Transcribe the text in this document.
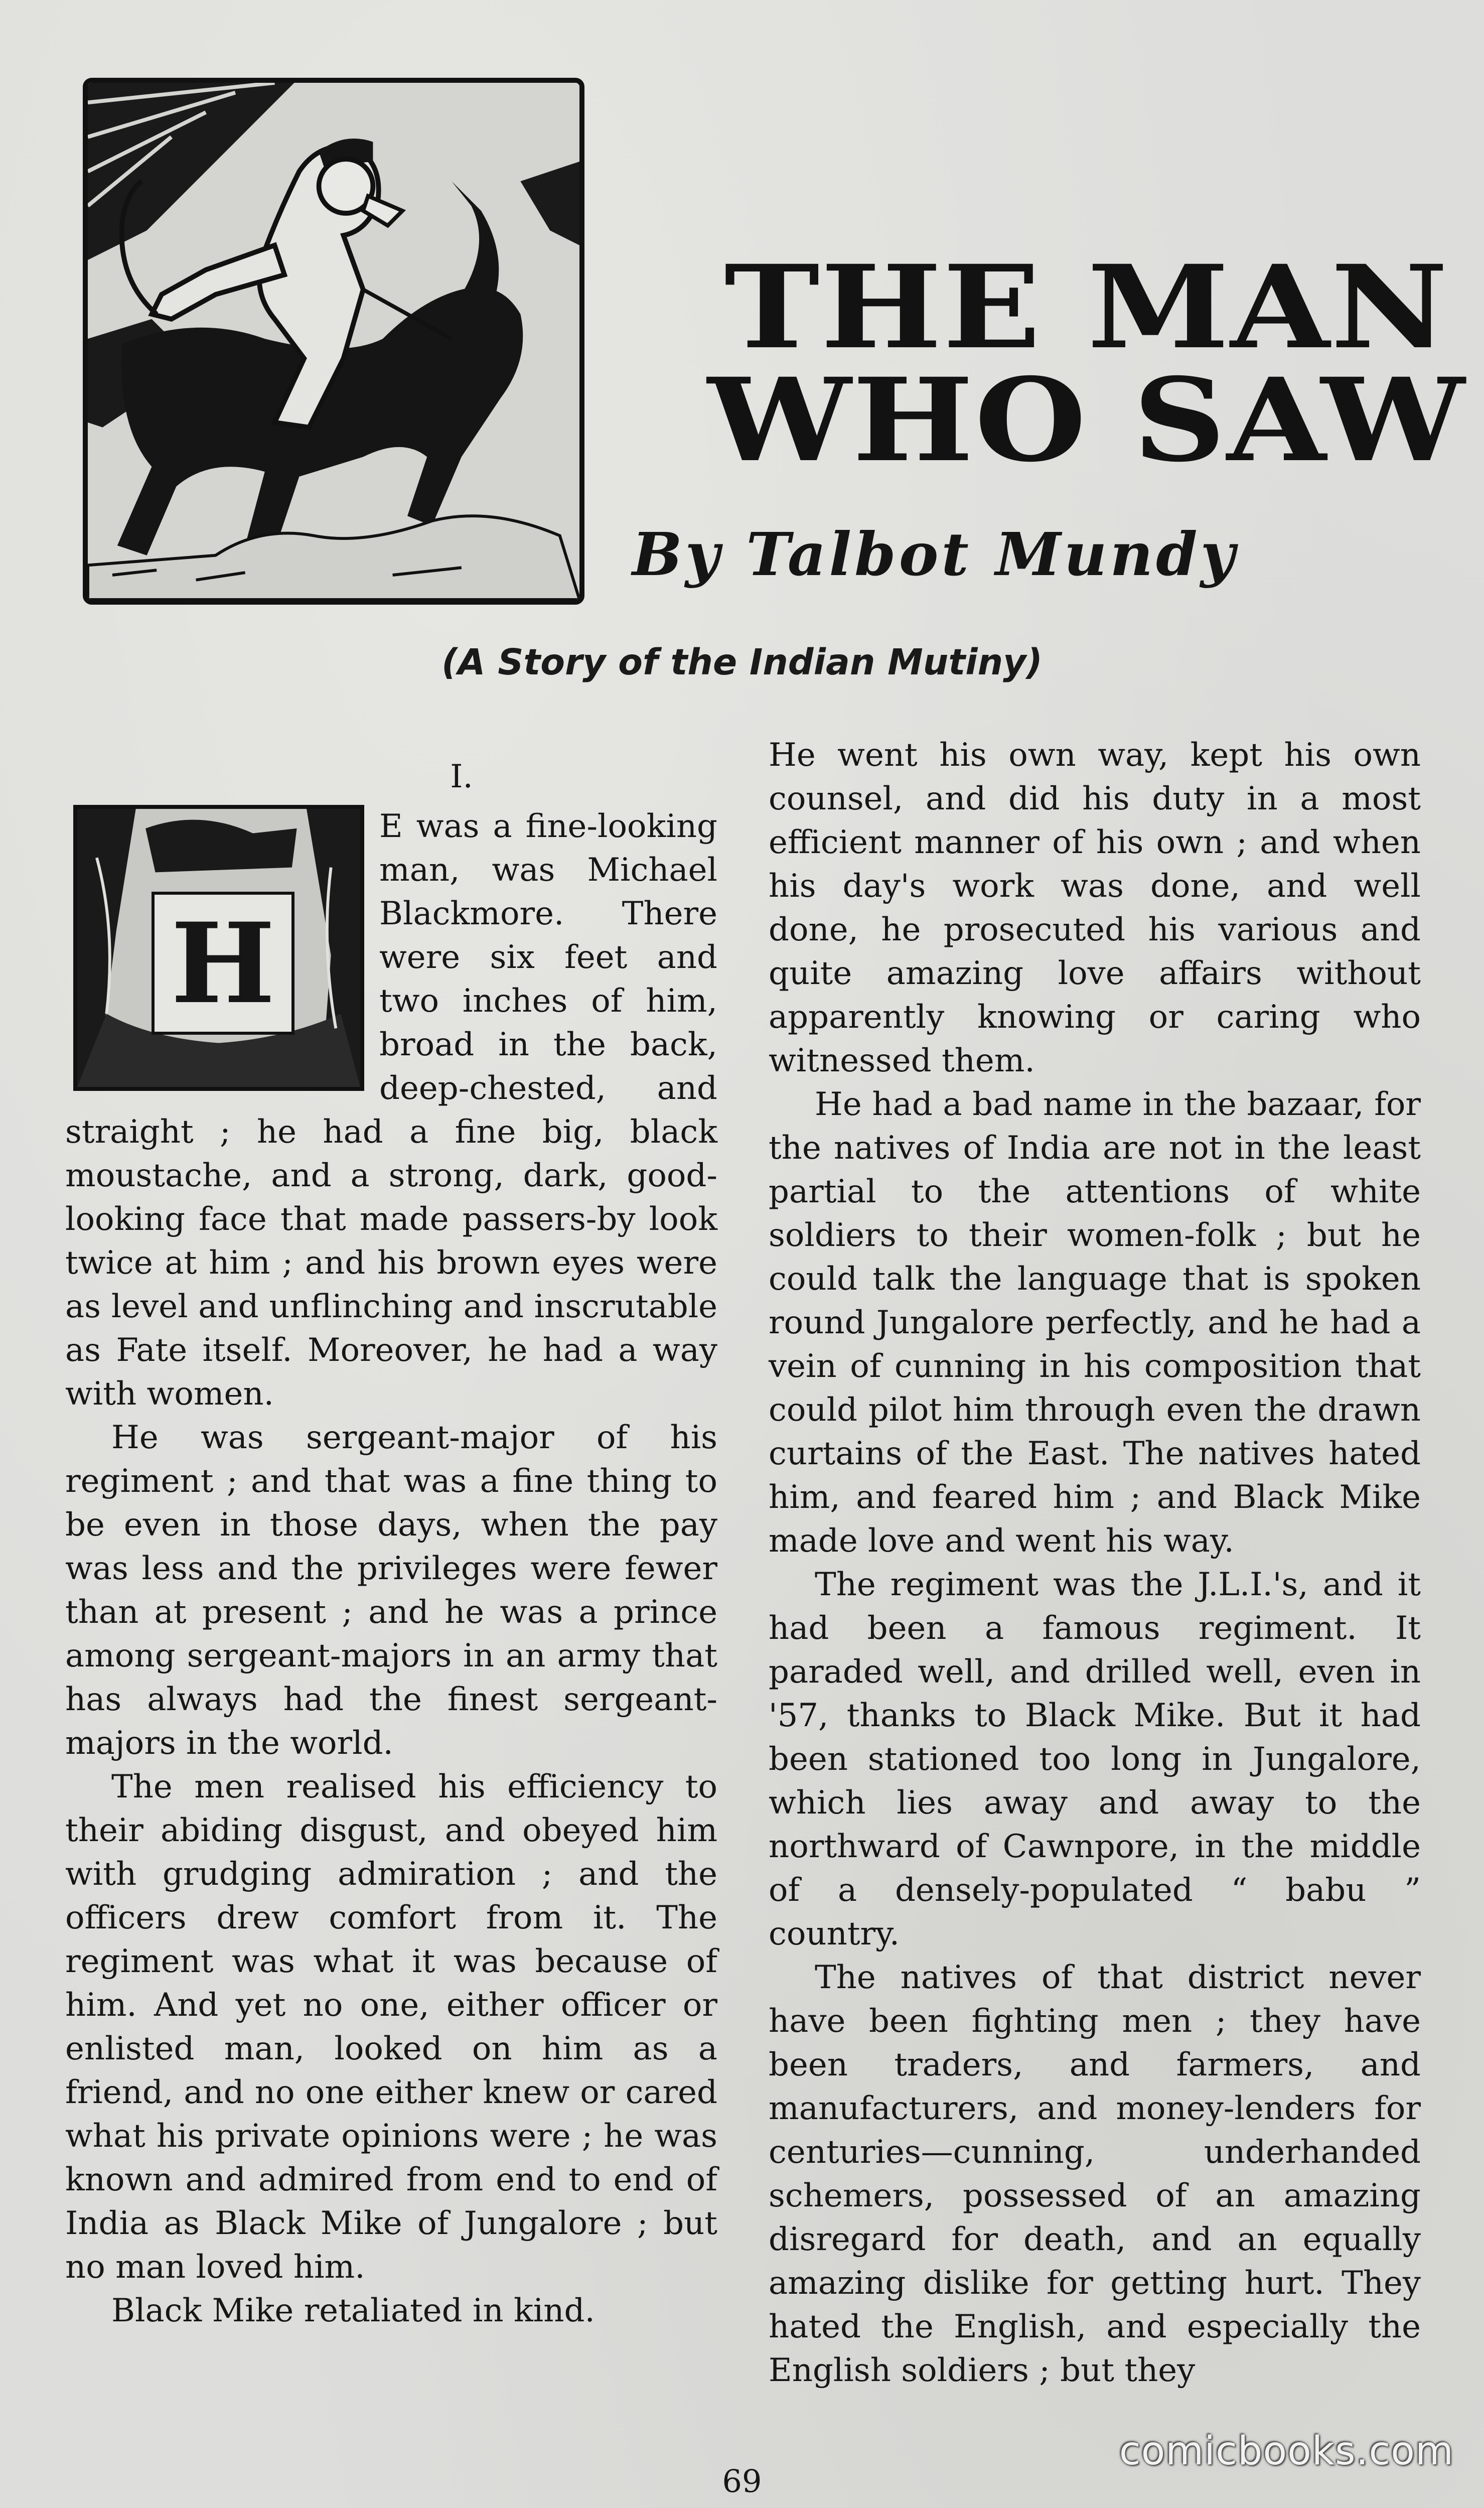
THE MAN
WHO SAW
By Talbot Mundy
(A Story of the Indian Mutiny)
I.
H

E was a fine-looking man, was Michael Blackmore. There were six feet and two inches of him, broad in the back, deep-chested, and straight ; he had a fine big, black moustache, and a strong, dark, good-looking face that made passers-by look twice at him ; and his brown eyes were as level and unflinching and inscrutable as Fate itself. Moreover, he had a way with women.

He was sergeant-major of his regiment ; and that was a fine thing to be even in those days, when the pay was less and the privileges were fewer than at present ; and he was a prince among sergeant-majors in an army that has always had the finest sergeant-majors in the world.

The men realised his efficiency to their abiding disgust, and obeyed him with grudging admiration ; and the officers drew comfort from it. The regiment was what it was because of him. And yet no one, either officer or enlisted man, looked on him as a friend, and no one either knew or cared what his private opinions were ; he was known and admired from end to end of India as Black Mike of Jungalore ; but no man loved him.

Black Mike retaliated in kind.

He went his own way, kept his own counsel, and did his duty in a most efficient manner of his own ; and when his day's work was done, and well done, he prosecuted his various and quite amazing love affairs without apparently knowing or caring who witnessed them.

He had a bad name in the bazaar, for the natives of India are not in the least partial to the attentions of white soldiers to their women-folk ; but he could talk the language that is spoken round Jungalore perfectly, and he had a vein of cunning in his composition that could pilot him through even the drawn curtains of the East. The natives hated him, and feared him ; and Black Mike made love and went his way.

The regiment was the J.L.I.'s, and it had been a famous regiment. It paraded well, and drilled well, even in '57, thanks to Black Mike. But it had been stationed too long in Jungalore, which lies away and away to the northward of Cawnpore, in the middle of a densely-populated “ babu ” country.

The natives of that district never have been fighting men ; they have been traders, and farmers, and manufacturers, and money-lenders for centuries—cunning, underhanded schemers, possessed of an amazing disregard for death, and an equally amazing dislike for getting hurt. They hated the English, and especially the English soldiers ; but they

69
comicbooks.com
